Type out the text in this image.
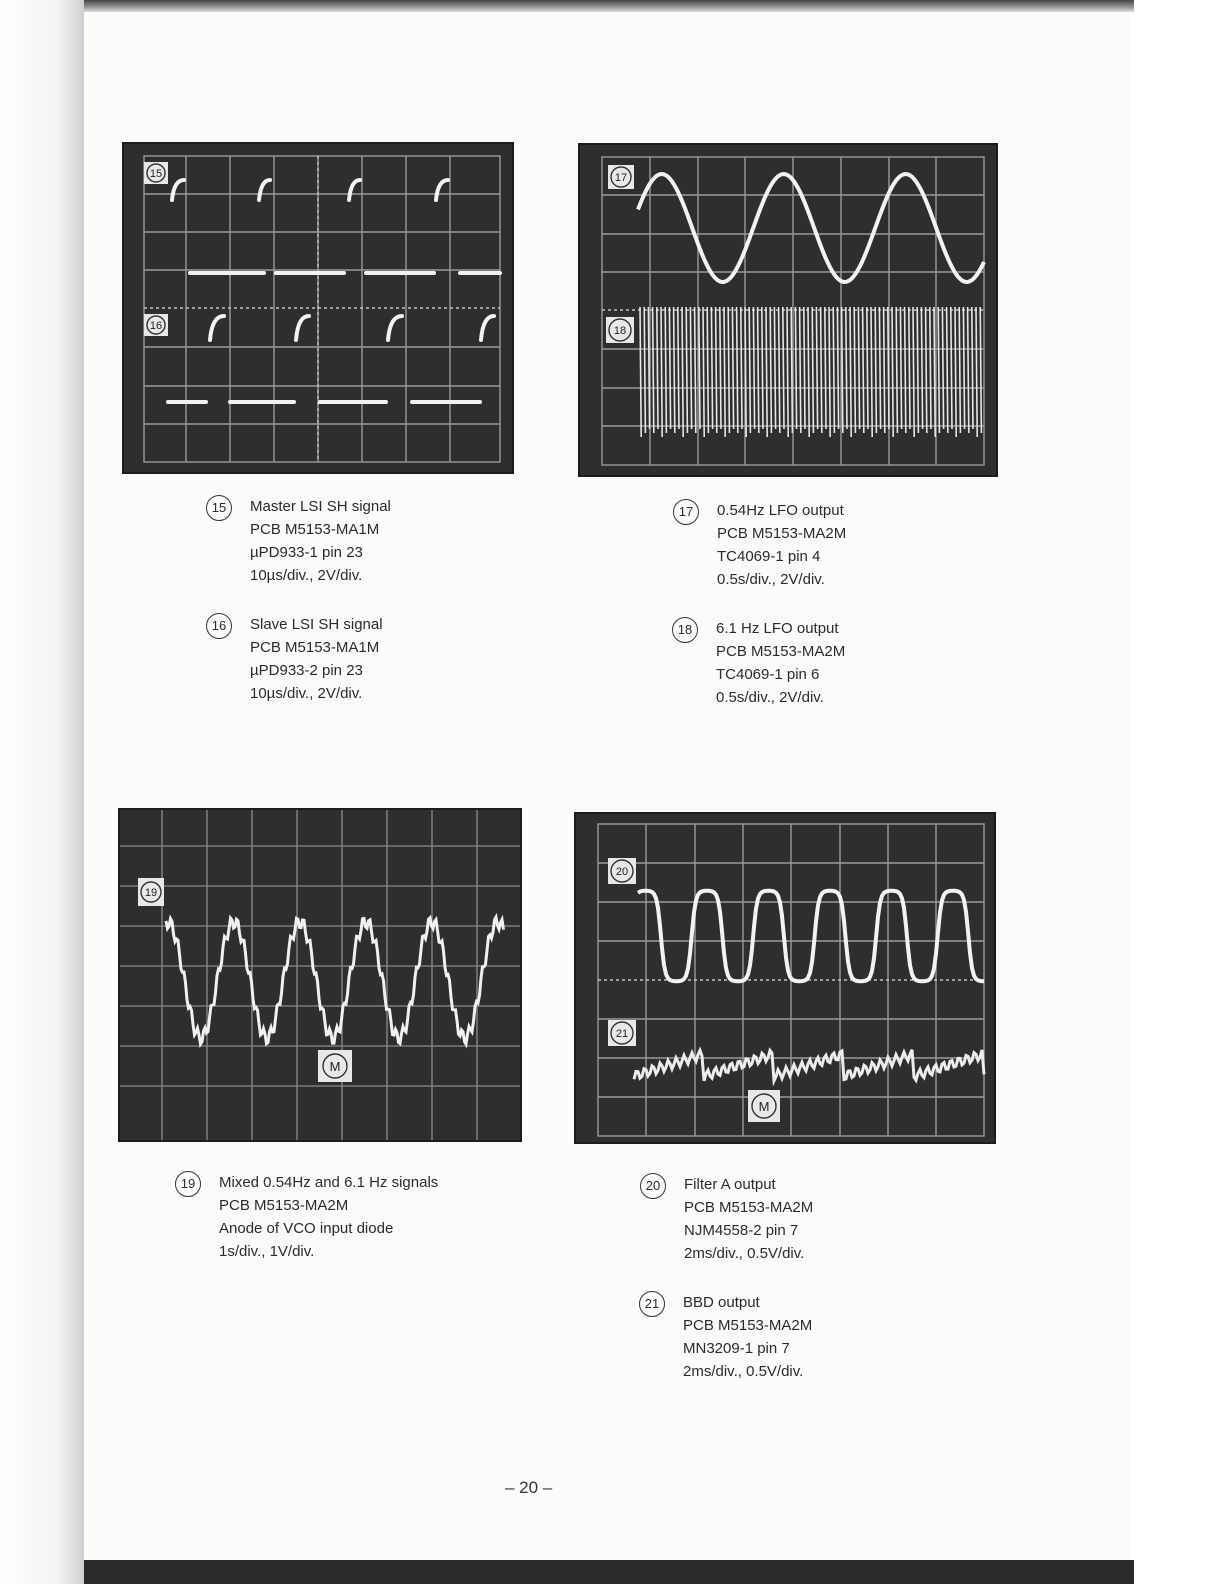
15
16
17
18
19
M
20
21
M
15	Master LSI SH signal
PCB M5153-MA1M
µPD933-1 pin 23
10µs/div., 2V/div.
16	Slave LSI SH signal
PCB M5153-MA1M
µPD933-2 pin 23
10µs/div., 2V/div.
17	0.54Hz LFO output
PCB M5153-MA2M
TC4069-1 pin 4
0.5s/div., 2V/div.
18	6.1 Hz LFO output
PCB M5153-MA2M
TC4069-1 pin 6
0.5s/div., 2V/div.
19	Mixed 0.54Hz and 6.1 Hz signals
PCB M5153-MA2M
Anode of VCO input diode
1s/div., 1V/div.
20	Filter A output
PCB M5153-MA2M
NJM4558-2 pin 7
2ms/div., 0.5V/div.
21	BBD output
PCB M5153-MA2M
MN3209-1 pin 7
2ms/div., 0.5V/div.
– 20 –
